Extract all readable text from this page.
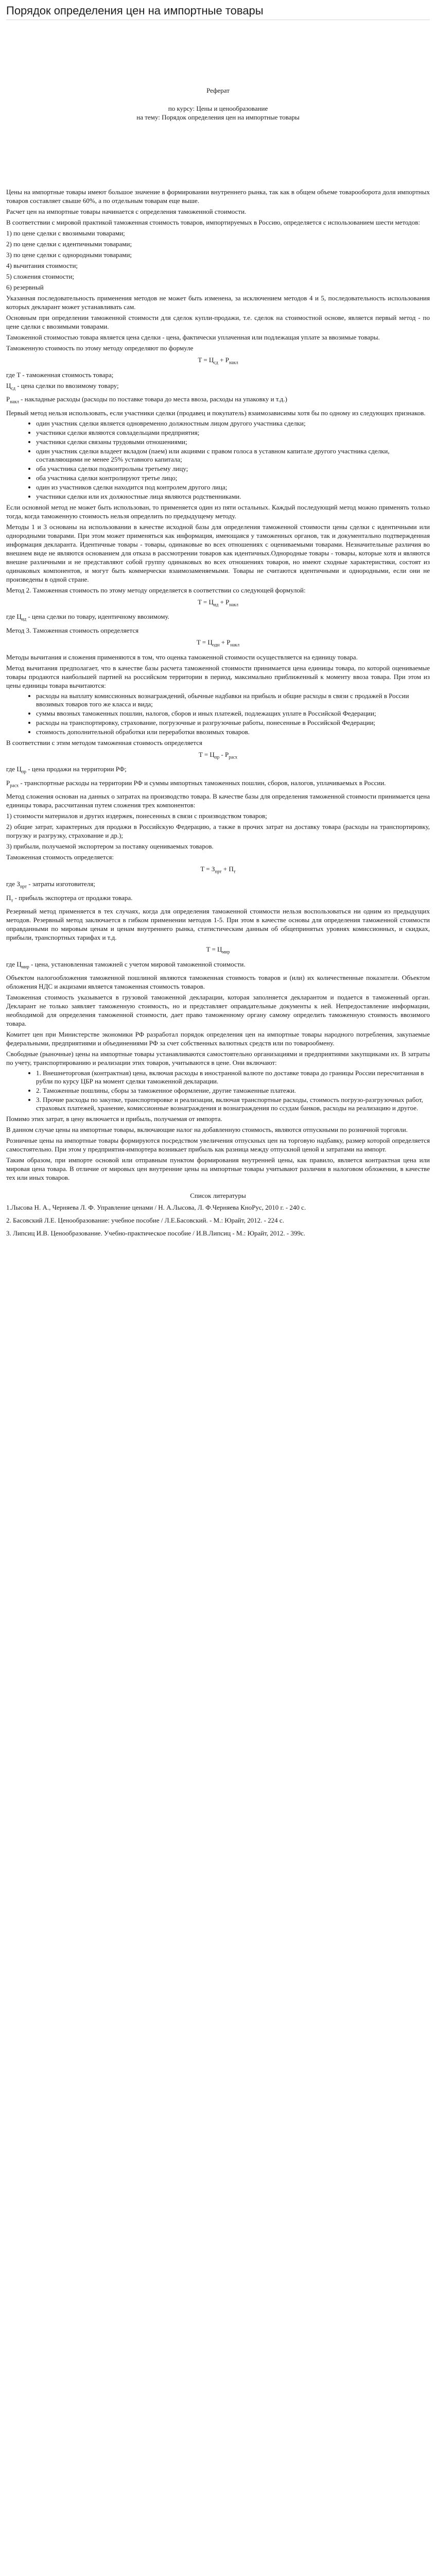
Порядок определения цен на импортные товары

Реферат

по курсу: Цены и ценообразование

на тему: Порядок определения цен на импортные товары

Цены на импортные товары имеют большое значение в формировании внутреннего рынка, так как в общем объеме товарооборота доля импортных товаров составляет свыше 60%, а по отдельным товарам еще выше.

Расчет цен на импортные товары начинается с определения таможенной стоимости.

В соответствии с мировой практикой таможенная стоимость товаров, импортируемых в Россию, определяется с использованием шести методов:

1) по цене сделки с ввозимыми товарами;

2) по цене сделки с идентичными товарами;

3) по цене сделки с однородными товарами;

4) вычитания стоимости;

5) сложения стоимости;

6) резервный

Указанная последовательность применения методов не может быть изменена, за исключением методов 4 и 5, последовательность использования которых декларант может устанавливать сам.

Основным при определении таможенной стоимости для сделок купли-продажи, т.е. сделок на стоимостной основе, является первый метод - по цене сделки с ввозимыми товарами.

Таможенной стоимостью товара является цена сделки - цена, фактически уплаченная или подлежащая уплате за ввозимые товары.

Таможенную стоимость по этому методу определяют по формуле

$T = Ц_{сд} + P_{накл}$

где T - таможенная стоимость товара;

$Ц_{сд}$ - цена сделки по ввозимому товару;

$P_{накл}$ - накладные расходы (расходы по поставке товара до места ввоза, расходы на упаковку и т.д.)

Первый метод нельзя использовать, если участники сделки (продавец и покупатель) взаимозависимы хотя бы по одному из следующих признаков.

• один участник сделки является одновременно должностным лицом другого участника сделки;
• участники сделки являются совладельцами предприятия;
• участники сделки связаны трудовыми отношениями;
• один участник сделки владеет вкладом (паем) или акциями с правом голоса в уставном капитале другого участника сделки, составляющими не менее 25% уставного капитала;
• оба участника сделки подконтрольны третьему лицу;
• оба участника сделки контролируют третье лицо;
• один из участников сделки находится под контролем другого лица;
• участники сделки или их должностные лица являются родственниками.

Если основной метод не может быть использован, то применяется один из пяти остальных. Каждый последующий метод можно применять только тогда, когда таможенную стоимость нельзя определить по предыдущему методу.

Методы 1 и 3 основаны на использовании в качестве исходной базы для определения таможенной стоимости цены сделки с идентичными или однородными товарами. При этом может применяться как информация, имеющаяся у таможенных органов, так и документально подтвержденная информация декларанта. Идентичные товары - товары, одинаковые во всех отношениях с оцениваемыми товарами. Незначительные различия во внешнем виде не являются основанием для отказа в рассмотрении товаров как идентичных.Однородные товары - товары, которые хотя и являются внешне различными и не представляют собой группу одинаковых во всех отношениях товаров, но имеют сходные характеристики, состоят из одинаковых компонентов, и могут быть коммерчески взаимозаменяемыми. Товары не считаются идентичными и однородными, если они не произведены в одной стране.

Метод 2. Таможенная стоимость по этому методу определяется в соответствии со следующей формулой:

$T = Ц_{ид} + P_{накл}$

где $Ц_{ид}$ - цена сделки по товару, идентичному ввозимому.

Метод 3. Таможенная стоимость определяется

$T = Ц_{одн} + P_{накл}$

Методы вычитания и сложения применяются в том, что оценка таможенной стоимости осуществляется на единицу товара.

Метод вычитания предполагает, что в качестве базы расчета таможенной стоимости принимается цена единицы товара, по которой оцениваемые товары продаются наибольшей партией на российском территории в период, максимально приближенный к моменту ввоза товара. При этом из цены единицы товара вычитаются:

• расходы на выплату комиссионных вознаграждений, обычные надбавки на прибыль и общие расходы в связи с продажей в России ввозимых товаров того же класса и вида;
• суммы ввозных таможенных пошлин, налогов, сборов и иных платежей, подлежащих уплате в Российской Федерации;
• расходы на транспортировку, страхование, погрузочные и разгрузочные работы, понесенные в Российской Федерации;
• стоимость дополнительной обработки или переработки ввозимых товаров.

В соответствии с этим методом таможенная стоимость определяется

$T = Ц_{пр} - P_{расх}$

где $Ц_{пр}$ - цена продажи на территории РФ;

$P_{расх}$ - транспортные расходы на территории РФ и суммы импортных таможенных пошлин, сборов, налогов, уплачиваемых в России.

Метод сложения основан на данных о затратах на производство товара. В качестве базы для определения таможенной стоимости принимается цена единицы товара, рассчитанная путем сложения трех компонентов:

1) стоимости материалов и других издержек, понесенных в связи с производством товаров;

2) общие затрат, характерных для продажи в Российскую Федерацию, а также в прочих затрат на доставку товара (расходы на транспортировку, погрузку и разгрузку, страхование и др.);

3) прибыли, получаемой экспортером за поставку оцениваемых товаров.

Таможенная стоимость определяется:

$T = З_{прт} + П_т$

где $З_{прт}$ - затраты изготовителя;

$П_т$ - прибыль экспортера от продажи товара.

Резервный метод применяется в тех случаях, когда для определения таможенной стоимости нельзя воспользоваться ни одним из предыдущих методов. Резервный метод заключается в гибком применении методов 1-5. При этом в качестве основы для определения таможенной стоимости оправданными по мировым ценам и ценам внутреннего рынка, статистическим данным об общепринятых уровнях комиссионных, и скидках, прибыли, транспортных тарифах и т.д.

$T = Ц_{мир}$

где $Ц_{мир}$ - цена, установленная таможней с учетом мировой таможенной стоимости.

Объектом налогообложения таможенной пошлиной являются таможенная стоимость товаров и (или) их количественные показатели. Объектом обложения НДС и акцизами является таможенная стоимость товаров.

Таможенная стоимость указывается в грузовой таможенной декларации, которая заполняется декларантом и подается в таможенный орган. Декларант не только заявляет таможенную стоимость, но и представляет оправдательные документы к ней. Непредоставление информации, необходимой для определения таможенной стоимости, дает право таможенному органу самому определить таможенную стоимость ввозимого товара.

Комитет цен при Министерстве экономики РФ разработал порядок определения цен на импортные товары народного потребления, закупаемые федеральными, предприятиями и объединениями РФ за счет собственных валютных средств или по товарообмену.

Свободные (рыночные) цены на импортные товары устанавливаются самостоятельно организациями и предприятиями закупщиками их. В затраты по учету, транспортированию и реализации этих товаров, учитываются в цене. Они включают:

• 1. Внешнеторговая (контрактная) цена, включая расходы в иностранной валюте по доставке товара до границы России пересчитанная в рубли по курсу ЦБР на момент сделки таможенной декларации.
• 2. Таможенные пошлины, сборы за таможенное оформление, другие таможенные платежи.
• 3. Прочие расходы по закупке, транспортировке и реализации, включая транспортные расходы, стоимость погрузо-разгрузочных работ, страховых платежей, хранение, комиссионные вознаграждения и вознаграждения по ссудам банков, расходы на реализацию и другое.

Помимо этих затрат, в цену включается и прибыль, получаемая от импорта.

В данном случае цены на импортные товары, включающие налог на добавленную стоимость, являются отпускными по розничной торговли.

Розничные цены на импортные товары формируются посредством увеличения отпускных цен на торговую надбавку, размер которой определяется самостоятельно. При этом у предприятия-импортера возникает прибыль как разница между отпускной ценой и затратами на импорт.

Таким образом, при импорте основой или отправным пунктом формирования внутренней цены, как правило, является контрактная цена или мировая цена товара. В отличие от мировых цен внутренние цены на импортные товары учитывают различия в налоговом обложении, в качестве тех или иных товаров.

Список литературы

1.Лысова Н. А., Черняева Л. Ф. Управление ценами / Н. А.Лысова, Л. Ф.Черняева КноРус, 2010 г. - 240 с.

2. Басовский Л.Е. Ценообразование: учебное пособие / Л.Е.Басовский. - М.: Юрайт, 2012. - 224 с.

3. Липсиц И.В. Ценообразование. Учебно-практическое пособие / И.В.Липсиц - М.: Юрайт, 2012. - 399с.
